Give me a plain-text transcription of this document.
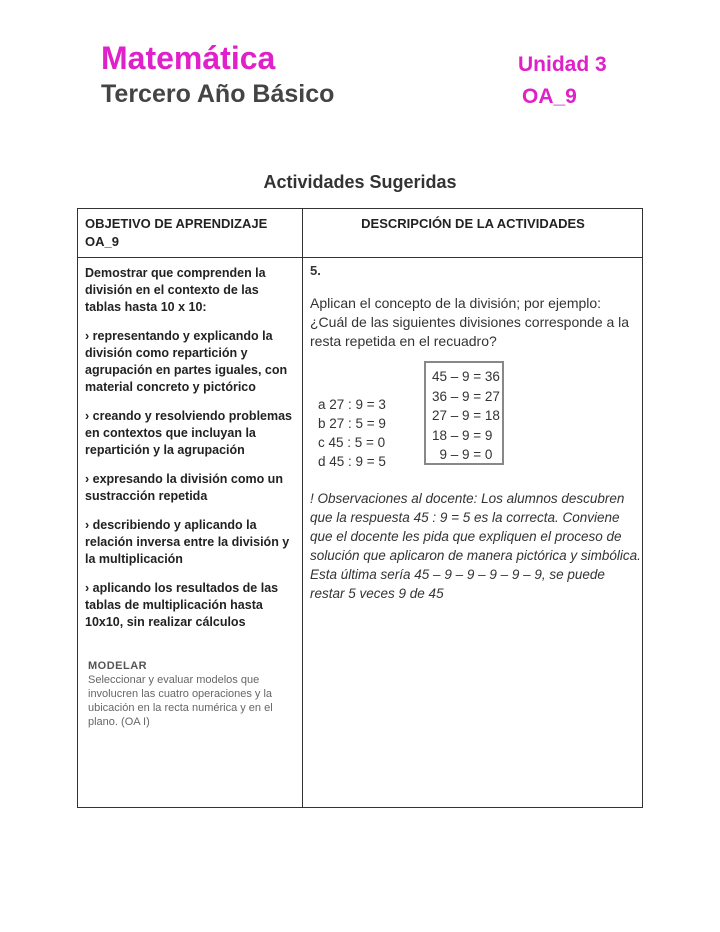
Matemática
Tercero Año Básico
Unidad 3
OA_9
Actividades Sugeridas
OBJETIVO DE APRENDIZAJE OA_9
DESCRIPCIÓN DE LA ACTIVIDADES

Demostrar que comprenden la división en el contexto de las tablas hasta 10 x 10:

› representando y explicando la división como repartición y agrupación en partes iguales, con material concreto y pictórico

› creando y resolviendo problemas en contextos que incluyan la repartición y la agrupación

› expresando la división como un sustracción repetida

› describiendo y aplicando la relación inversa entre la división y la multiplicación

› aplicando los resultados de las tablas de multiplicación hasta 10x10, sin realizar cálculos

MODELAR
Seleccionar y evaluar modelos que involucren las cuatro operaciones y la ubicación en la recta numérica y en el plano. (OA I)
5.
Aplican el concepto de la división; por ejemplo: ¿Cuál de las siguientes divisiones corresponde a la resta repetida en el recuadro?
45 – 9 = 36
36 – 9 = 27
27 – 9 = 18
18 – 9 = 9
9 – 9 = 0
a 27 : 9 = 3
b 27 : 5 = 9
c 45 : 5 = 0
d 45 : 9 = 5
! Observaciones al docente: Los alumnos descubren que la respuesta 45 : 9 = 5 es la correcta. Conviene que el docente les pida que expliquen el proceso de solución que aplicaron de manera pictórica y simbólica. Esta última sería 45 – 9 – 9 – 9 – 9 – 9, se puede restar 5 veces 9 de 45
